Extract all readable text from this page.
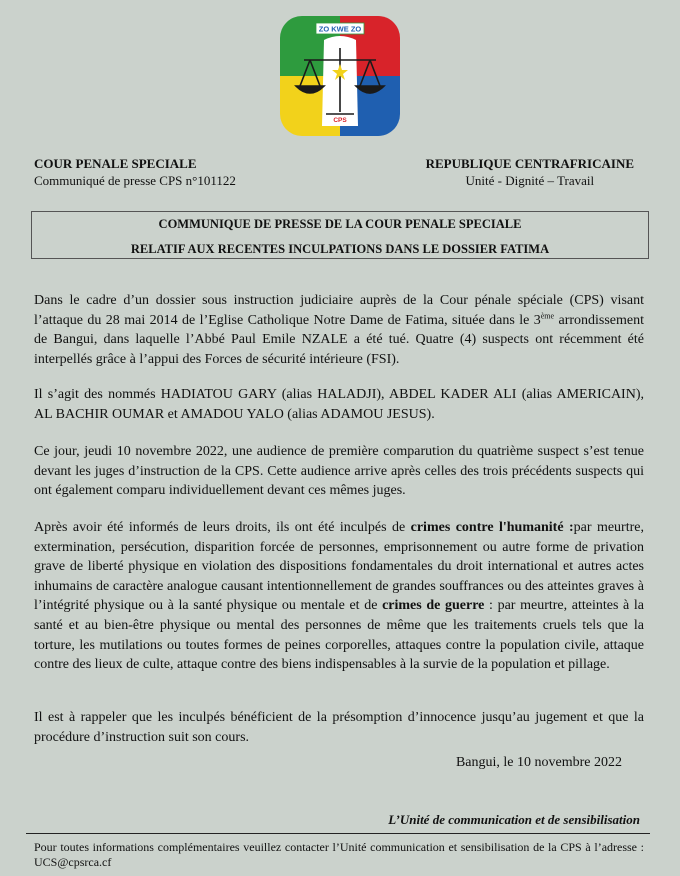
ZO KWE ZO
CPS
COUR PENALE SPECIALE
Communiqué de presse CPS n°101122
REPUBLIQUE CENTRAFRICAINE
Unité - Dignité – Travail
COMMUNIQUE DE PRESSE DE LA COUR PENALE SPECIALE
RELATIF AUX RECENTES INCULPATIONS DANS LE DOSSIER FATIMA

Dans le cadre d’un dossier sous instruction judiciaire auprès de la Cour pénale spéciale (CPS) visant l’attaque du 28 mai 2014 de l’Eglise Catholique Notre Dame de Fatima, située dans le 3ème arrondissement de Bangui, dans laquelle l’Abbé Paul Emile NZALE a été tué. Quatre (4) suspects ont récemment été interpellés grâce à l’appui des Forces de sécurité intérieure (FSI).

Il s’agit des nommés HADIATOU GARY (alias HALADJI), ABDEL KADER ALI (alias AMERICAIN), AL BACHIR OUMAR et AMADOU YALO (alias ADAMOU JESUS).

Ce jour, jeudi 10 novembre 2022, une audience de première comparution du quatrième suspect s’est tenue devant les juges d’instruction de la CPS. Cette audience arrive après celles des trois précédents suspects qui ont également comparu individuellement devant ces mêmes juges.

Après avoir été informés de leurs droits, ils ont été inculpés de crimes contre l'humanité :par meurtre, extermination, persécution, disparition forcée de personnes, emprisonnement ou autre forme de privation grave de liberté physique en violation des dispositions fondamentales du droit international et autres actes inhumains de caractère analogue causant intentionnellement de grandes souffrances ou des atteintes graves à l’intégrité physique ou à la santé physique ou mentale et de crimes de guerre : par meurtre, atteintes à la santé et au bien-être physique ou mental des personnes de même que les traitements cruels tels que la torture, les mutilations ou toutes formes de peines corporelles, attaques contre la population civile, attaque contre des lieux de culte, attaque contre des biens indispensables à la survie de la population et pillage.

Il est à rappeler que les inculpés bénéficient de la présomption d’innocence jusqu’au jugement et que la procédure d’instruction suit son cours.

Bangui, le 10 novembre 2022
L’Unité de communication et de sensibilisation
Pour toutes informations complémentaires veuillez contacter l’Unité communication et sensibilisation de la CPS à l’adresse : UCS@cpsrca.cf
